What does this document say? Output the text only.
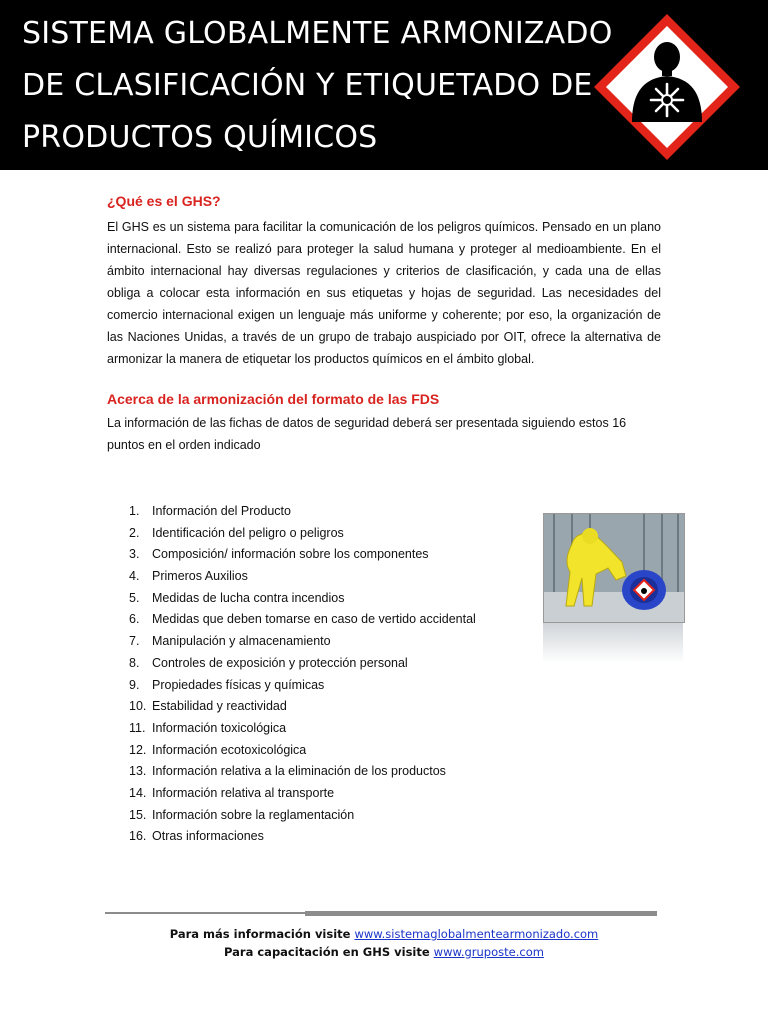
SISTEMA GLOBALMENTE ARMONIZADO
DE CLASIFICACIÓN Y ETIQUETADO DE
PRODUCTOS QUÍMICOS
¿Qué es el GHS?

El GHS es un sistema para facilitar la comunicación de los peligros químicos. Pensado en un plano internacional. Esto se realizó para proteger la salud humana y proteger al medioambiente. En el ámbito internacional hay diversas regulaciones y criterios de clasificación, y cada una de ellas obliga a colocar esta información en sus etiquetas y hojas de seguridad. Las necesidades del comercio internacional exigen un lenguaje más uniforme y coherente; por eso, la organización de las Naciones Unidas, a través de un grupo de trabajo auspiciado por OIT, ofrece la alternativa de armonizar la manera de etiquetar los productos químicos en el ámbito global.

Acerca de la armonización del formato de las FDS

La información de las fichas de datos de seguridad deberá ser presentada siguiendo estos 16 puntos en el orden indicado

1. Información del Producto
2. Identificación del peligro o peligros
3. Composición/ información sobre los componentes
4. Primeros Auxilios
5. Medidas de lucha contra incendios
6. Medidas que deben tomarse en caso de vertido accidental
7. Manipulación y almacenamiento
8. Controles de exposición y protección personal
9. Propiedades físicas y químicas
10. Estabilidad y reactividad
11. Información toxicológica
12. Información ecotoxicológica
13. Información relativa a la eliminación de los productos
14. Información relativa al transporte
15. Información sobre la reglamentación
16. Otras informaciones
Para más información visite www.sistemaglobalmentearmonizado.com
Para capacitación en GHS visite www.gruposte.com
